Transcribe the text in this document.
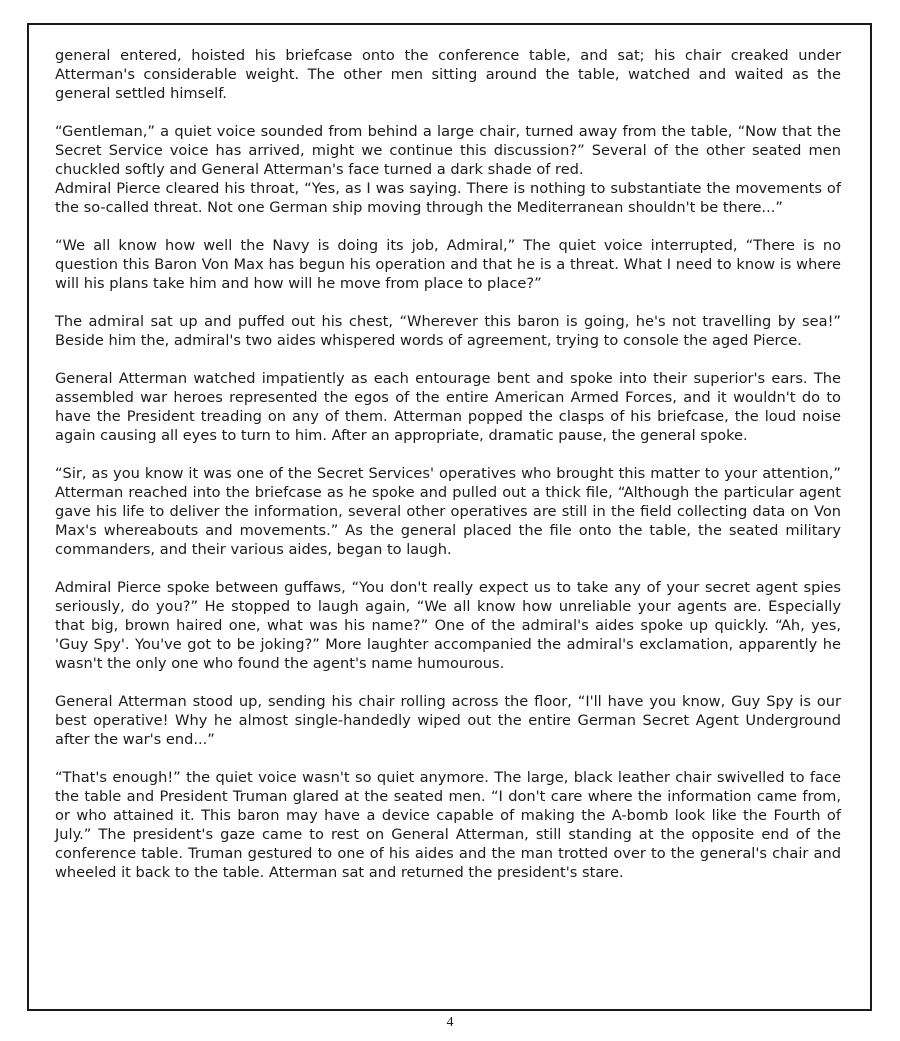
general entered, hoisted his briefcase onto the conference table, and sat; his chair creaked under Atterman's considerable weight. The other men sitting around the table, watched and waited as the general settled himself.

“Gentleman,” a quiet voice sounded from behind a large chair, turned away from the table, “Now that the Secret Service voice has arrived, might we continue this discussion?” Several of the other seated men chuckled softly and General Atterman's face turned a dark shade of red.
Admiral Pierce cleared his throat, “Yes, as I was saying. There is nothing to substantiate the movements of the so-called threat. Not one German ship moving through the Mediterranean shouldn't be there...”

“We all know how well the Navy is doing its job, Admiral,” The quiet voice interrupted, “There is no question this Baron Von Max has begun his operation and that he is a threat. What I need to know is where will his plans take him and how will he move from place to place?”

The admiral sat up and puffed out his chest, “Wherever this baron is going, he's not travelling by sea!” Beside him the, admiral's two aides whispered words of agreement, trying to console the aged Pierce.

General Atterman watched impatiently as each entourage bent and spoke into their superior's ears. The assembled war heroes represented the egos of the entire American Armed Forces, and it wouldn't do to have the President treading on any of them. Atterman popped the clasps of his briefcase, the loud noise again causing all eyes to turn to him. After an appropriate, dramatic pause, the general spoke.

“Sir, as you know it was one of the Secret Services' operatives who brought this matter to your attention,” Atterman reached into the briefcase as he spoke and pulled out a thick file, “Although the particular agent gave his life to deliver the information, several other operatives are still in the field collecting data on Von Max's whereabouts and movements.” As the general placed the file onto the table, the seated military commanders, and their various aides, began to laugh.

Admiral Pierce spoke between guffaws, “You don't really expect us to take any of your secret agent spies seriously, do you?” He stopped to laugh again, “We all know how unreliable your agents are. Especially that big, brown haired one, what was his name?” One of the admiral's aides spoke up quickly. “Ah, yes, 'Guy Spy'. You've got to be joking?” More laughter accompanied the admiral's exclamation, apparently he wasn't the only one who found the agent's name humourous.

General Atterman stood up, sending his chair rolling across the floor, “I'll have you know, Guy Spy is our best operative! Why he almost single-handedly wiped out the entire German Secret Agent Underground after the war's end...”

“That's enough!” the quiet voice wasn't so quiet anymore. The large, black leather chair swivelled to face the table and President Truman glared at the seated men. “I don't care where the information came from, or who attained it. This baron may have a device capable of making the A-bomb look like the Fourth of July.” The president's gaze came to rest on General Atterman, still standing at the opposite end of the conference table. Truman gestured to one of his aides and the man trotted over to the general's chair and wheeled it back to the table. Atterman sat and returned the president's stare.

4
